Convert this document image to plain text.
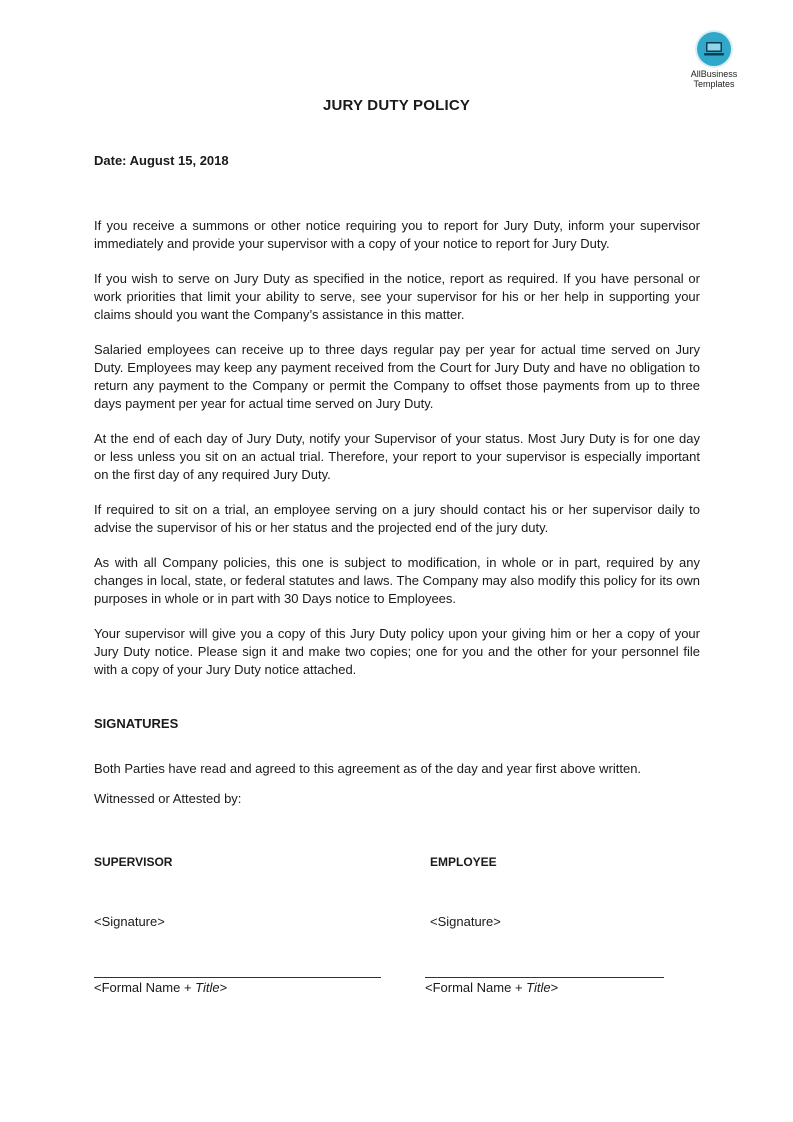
AllBusiness
Templates
JURY DUTY POLICY
Date: August 15, 2018

If you receive a summons or other notice requiring you to report for Jury Duty, inform your supervisor immediately and provide your supervisor with a copy of your notice to report for Jury Duty.

If you wish to serve on Jury Duty as specified in the notice, report as required. If you have personal or work priorities that limit your ability to serve, see your supervisor for his or her help in supporting your claims should you want the Company’s assistance in this matter.

Salaried employees can receive up to three days regular pay per year for actual time served on Jury Duty. Employees may keep any payment received from the Court for Jury Duty and have no obligation to return any payment to the Company or permit the Company to offset those payments from up to three days payment per year for actual time served on Jury Duty.

At the end of each day of Jury Duty, notify your Supervisor of your status. Most Jury Duty is for one day or less unless you sit on an actual trial. Therefore, your report to your supervisor is especially important on the first day of any required Jury Duty.

If required to sit on a trial, an employee serving on a jury should contact his or her supervisor daily to advise the supervisor of his or her status and the projected end of the jury duty.

As with all Company policies, this one is subject to modification, in whole or in part, required by any changes in local, state, or federal statutes and laws. The Company may also modify this policy for its own purposes in whole or in part with 30 Days notice to Employees.

Your supervisor will give you a copy of this Jury Duty policy upon your giving him or her a copy of your Jury Duty notice. Please sign it and make two copies; one for you and the other for your personnel file with a copy of your Jury Duty notice attached.

SIGNATURES
Both Parties have read and agreed to this agreement as of the day and year first above written.
Witnessed or Attested by:
SUPERVISOR
<Signature>
<Formal Name + Title>
EMPLOYEE
<Signature>
<Formal Name + Title>
